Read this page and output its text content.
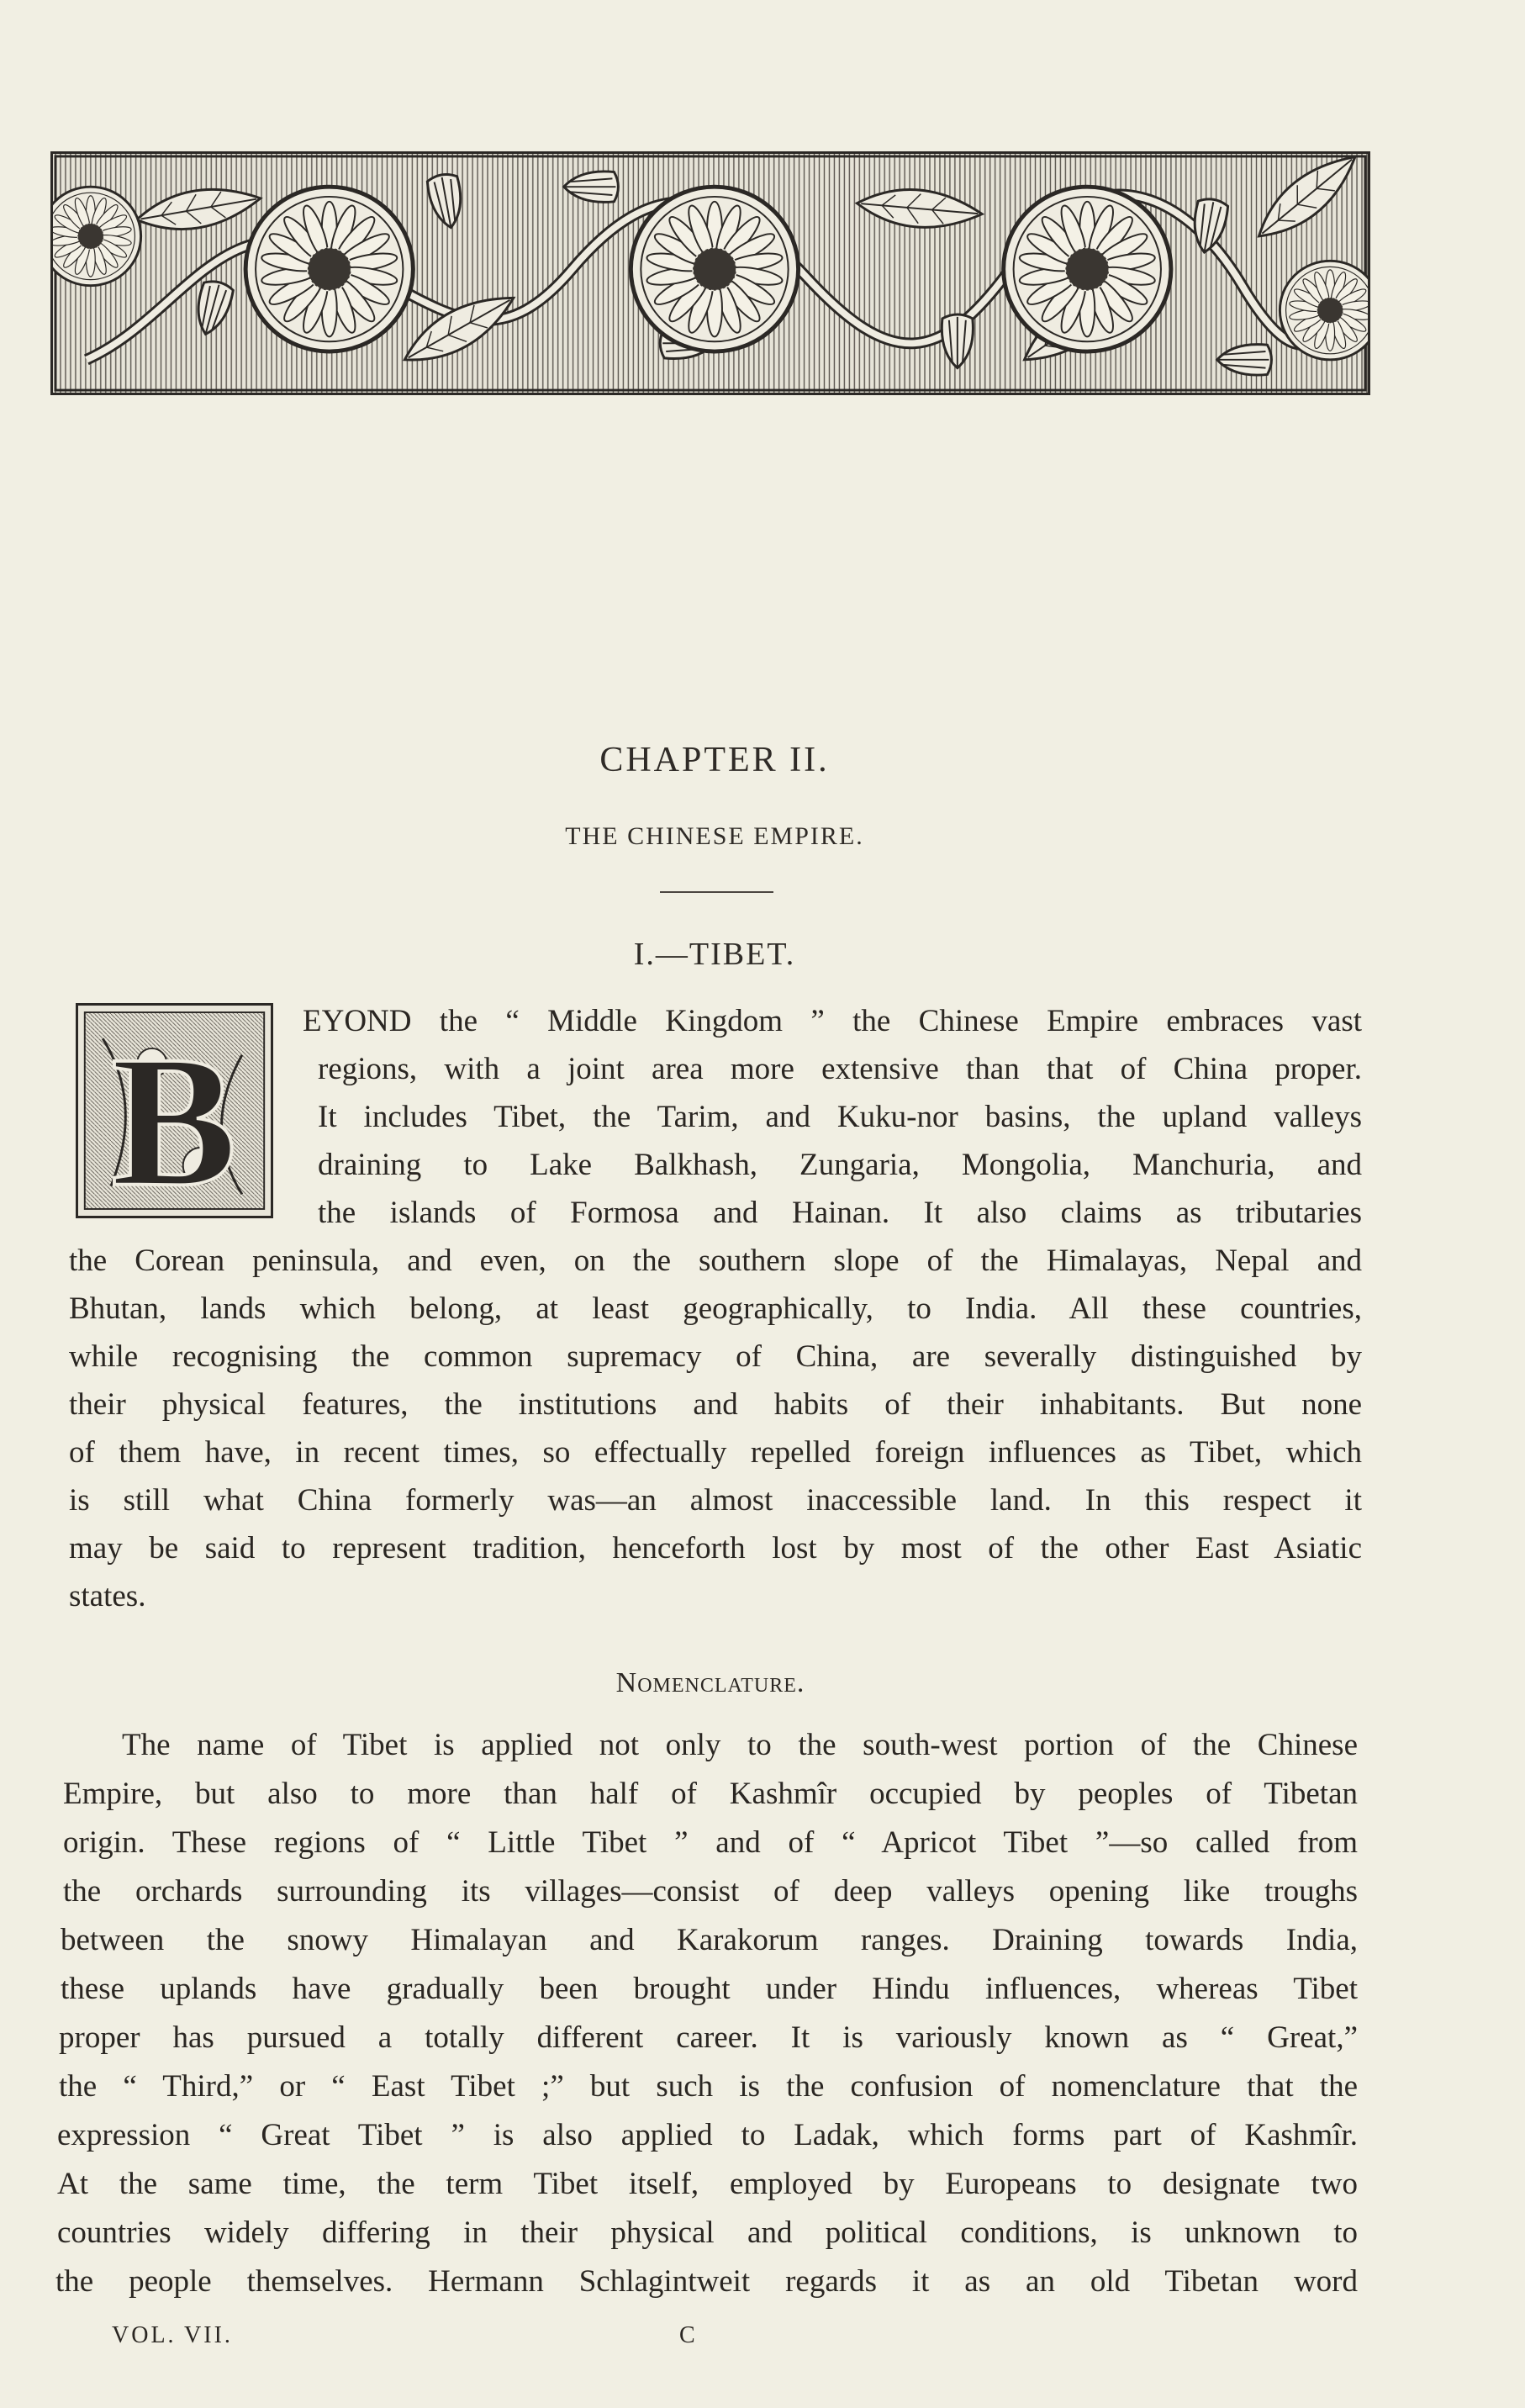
CHAPTER II.
THE CHINESE EMPIRE.
I.—TIBET.
B EYOND the “ Middle Kingdom ” the Chinese Empire embraces vast
regions, with a joint area more extensive than that of China proper.
It includes Tibet, the Tarim, and Kuku-nor basins, the upland valleys
draining to Lake Balkhash, Zungaria, Mongolia, Manchuria, and
the islands of Formosa and Hainan. It also claims as tributaries
the Corean peninsula, and even, on the southern slope of the Himalayas, Nepal and
Bhutan, lands which belong, at least geographically, to India. All these countries,
while recognising the common supremacy of China, are severally distinguished by
their physical features, the institutions and habits of their inhabitants. But none
of them have, in recent times, so effectually repelled foreign influences as Tibet, which
is still what China formerly was—an almost inaccessible land. In this respect it
may be said to represent tradition, henceforth lost by most of the other East Asiatic
states.
Nomenclature.
The name of Tibet is applied not only to the south-west portion of the Chinese
Empire, but also to more than half of Kashmîr occupied by peoples of Tibetan
origin. These regions of “ Little Tibet ” and of “ Apricot Tibet ”—so called from
the orchards surrounding its villages—consist of deep valleys opening like troughs
between the snowy Himalayan and Karakorum ranges. Draining towards India,
these uplands have gradually been brought under Hindu influences, whereas Tibet
proper has pursued a totally different career. It is variously known as “ Great,”
the “ Third,” or “ East Tibet ;” but such is the confusion of nomenclature that the
expression “ Great Tibet ” is also applied to Ladak, which forms part of Kashmîr.
At the same time, the term Tibet itself, employed by Europeans to designate two
countries widely differing in their physical and political conditions, is unknown to
the people themselves. Hermann Schlagintweit regards it as an old Tibetan word
VOL. VII.	C
